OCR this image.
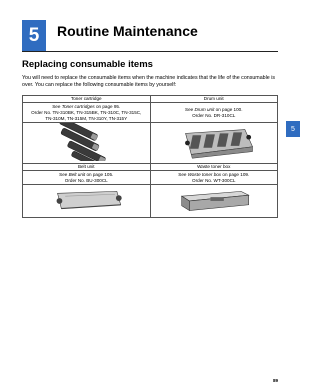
5	Routine Maintenance
5
Replacing consumable items
You will need to replace the consumable items when the machine indicates that the life of the consumable is
over. You can replace the following consumable items by yourself:
Toner cartridge	Drum unit
See Toner cartridges on page 95.
Order No. TN-310BK, TN-315BK, TN-310C, TN-315C,
TN-310M, TN-315M, TN-310Y, TN-315Y	See Drum unit on page 100.
Order No. DR-310CL

Belt unit	Waste toner box
See Belt unit on page 105.
Order No. BU-300CL	See Waste toner box on page 109.
Order No. WT-300CL

89
